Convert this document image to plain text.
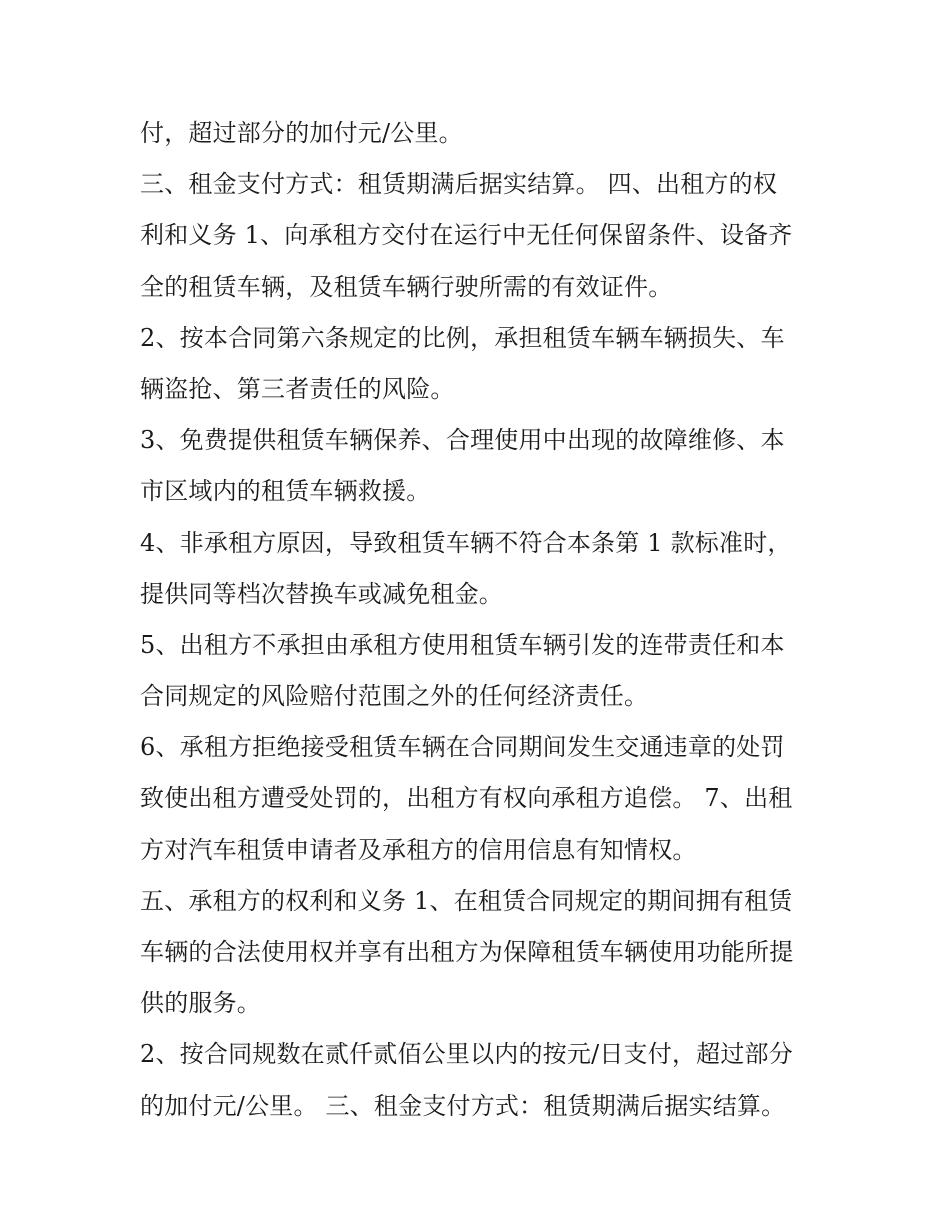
付，超过部分的加付元/公里。
三、租金支付方式：租赁期满后据实结算。 四、出租方的权
利和义务 1、向承租方交付在运行中无任何保留条件、设备齐
全的租赁车辆，及租赁车辆行驶所需的有效证件。
2、按本合同第六条规定的比例，承担租赁车辆车辆损失、车
辆盗抢、第三者责任的风险。
3、免费提供租赁车辆保养、合理使用中出现的故障维修、本
市区域内的租赁车辆救援。
4、非承租方原因，导致租赁车辆不符合本条第 1 款标准时，
提供同等档次替换车或减免租金。
5、出租方不承担由承租方使用租赁车辆引发的连带责任和本
合同规定的风险赔付范围之外的任何经济责任。
6、承租方拒绝接受租赁车辆在合同期间发生交通违章的处罚
致使出租方遭受处罚的，出租方有权向承租方追偿。 7、出租
方对汽车租赁申请者及承租方的信用信息有知情权。
五、承租方的权利和义务 1、在租赁合同规定的期间拥有租赁
车辆的合法使用权并享有出租方为保障租赁车辆使用功能所提
供的服务。
2、按合同规数在贰仟贰佰公里以内的按元/日支付，超过部分
的加付元/公里。 三、租金支付方式：租赁期满后据实结算。
